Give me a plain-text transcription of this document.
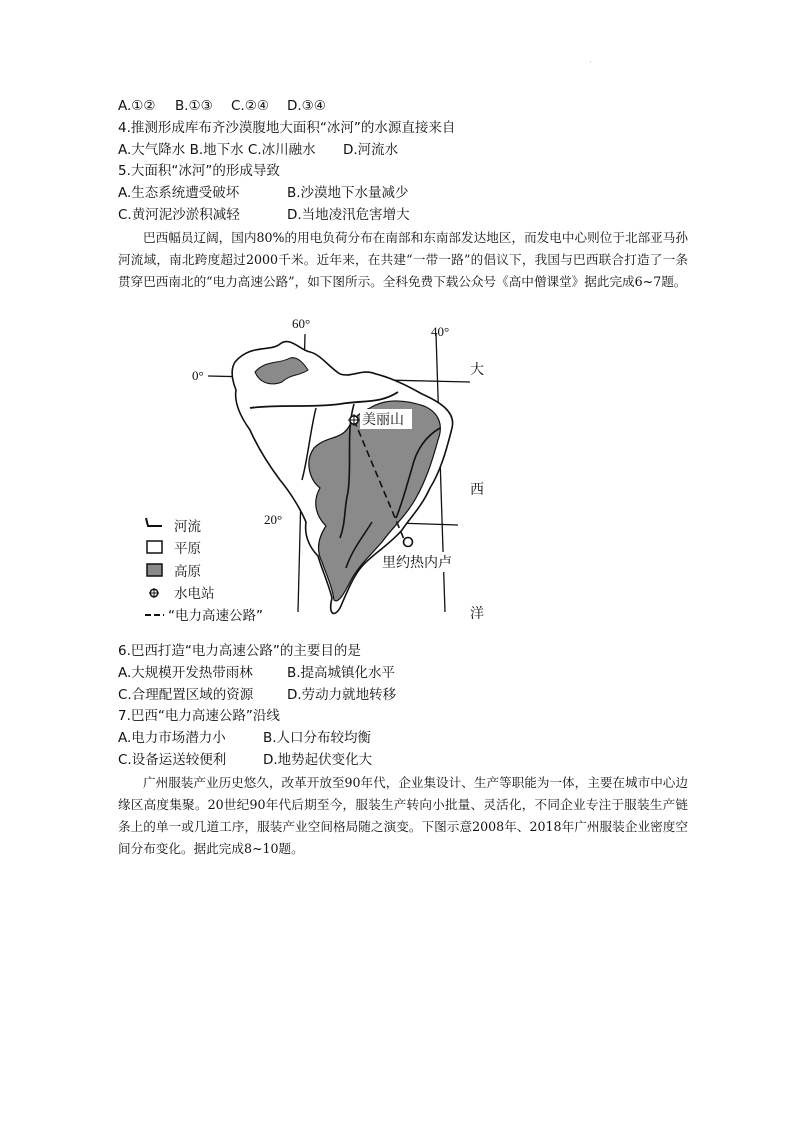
·
A.①② B.①③ C.②④ D.③④
4.推测形成库布齐沙漠腹地大面积“冰河”的水源直接来自
A.大气降水 B.地下水 C.冰川融水 D.河流水
5.大面积“冰河”的形成导致
A.生态系统遭受破坏	B.沙漠地下水量减少
C.黄河泥沙淤积减轻	D.当地凌汛危害增大
巴西幅员辽阔，国内80%的用电负荷分布在南部和东南部发达地区，而发电中心则位于北部亚马孙河流域，南北跨度超过2000千米。近年来，在共建“一带一路”的倡议下，我国与巴西联合打造了一条贯穿巴西南北的“电力高速公路”，如下图所示。全科免费下载公众号《高中僧课堂》据此完成6~7题。
美丽山
里约热内卢
60°
40°
0°
20°
大
西
洋
河流
平原
高原
水电站
“电力高速公路”
6.巴西打造“电力高速公路”的主要目的是
A.大规模开发热带雨林	B.提高城镇化水平
C.合理配置区域的资源	D.劳动力就地转移
7.巴西“电力高速公路”沿线
A.电力市场潜力小	B.人口分布较均衡
C.设备运送较便利	D.地势起伏变化大
广州服装产业历史悠久，改革开放至90年代，企业集设计、生产等职能为一体，主要在城市中心边缘区高度集聚。20世纪90年代后期至今，服装生产转向小批量、灵活化，不同企业专注于服装生产链条上的单一或几道工序，服装产业空间格局随之演变。下图示意2008年、2018年广州服装企业密度空间分布变化。据此完成8~10题。
